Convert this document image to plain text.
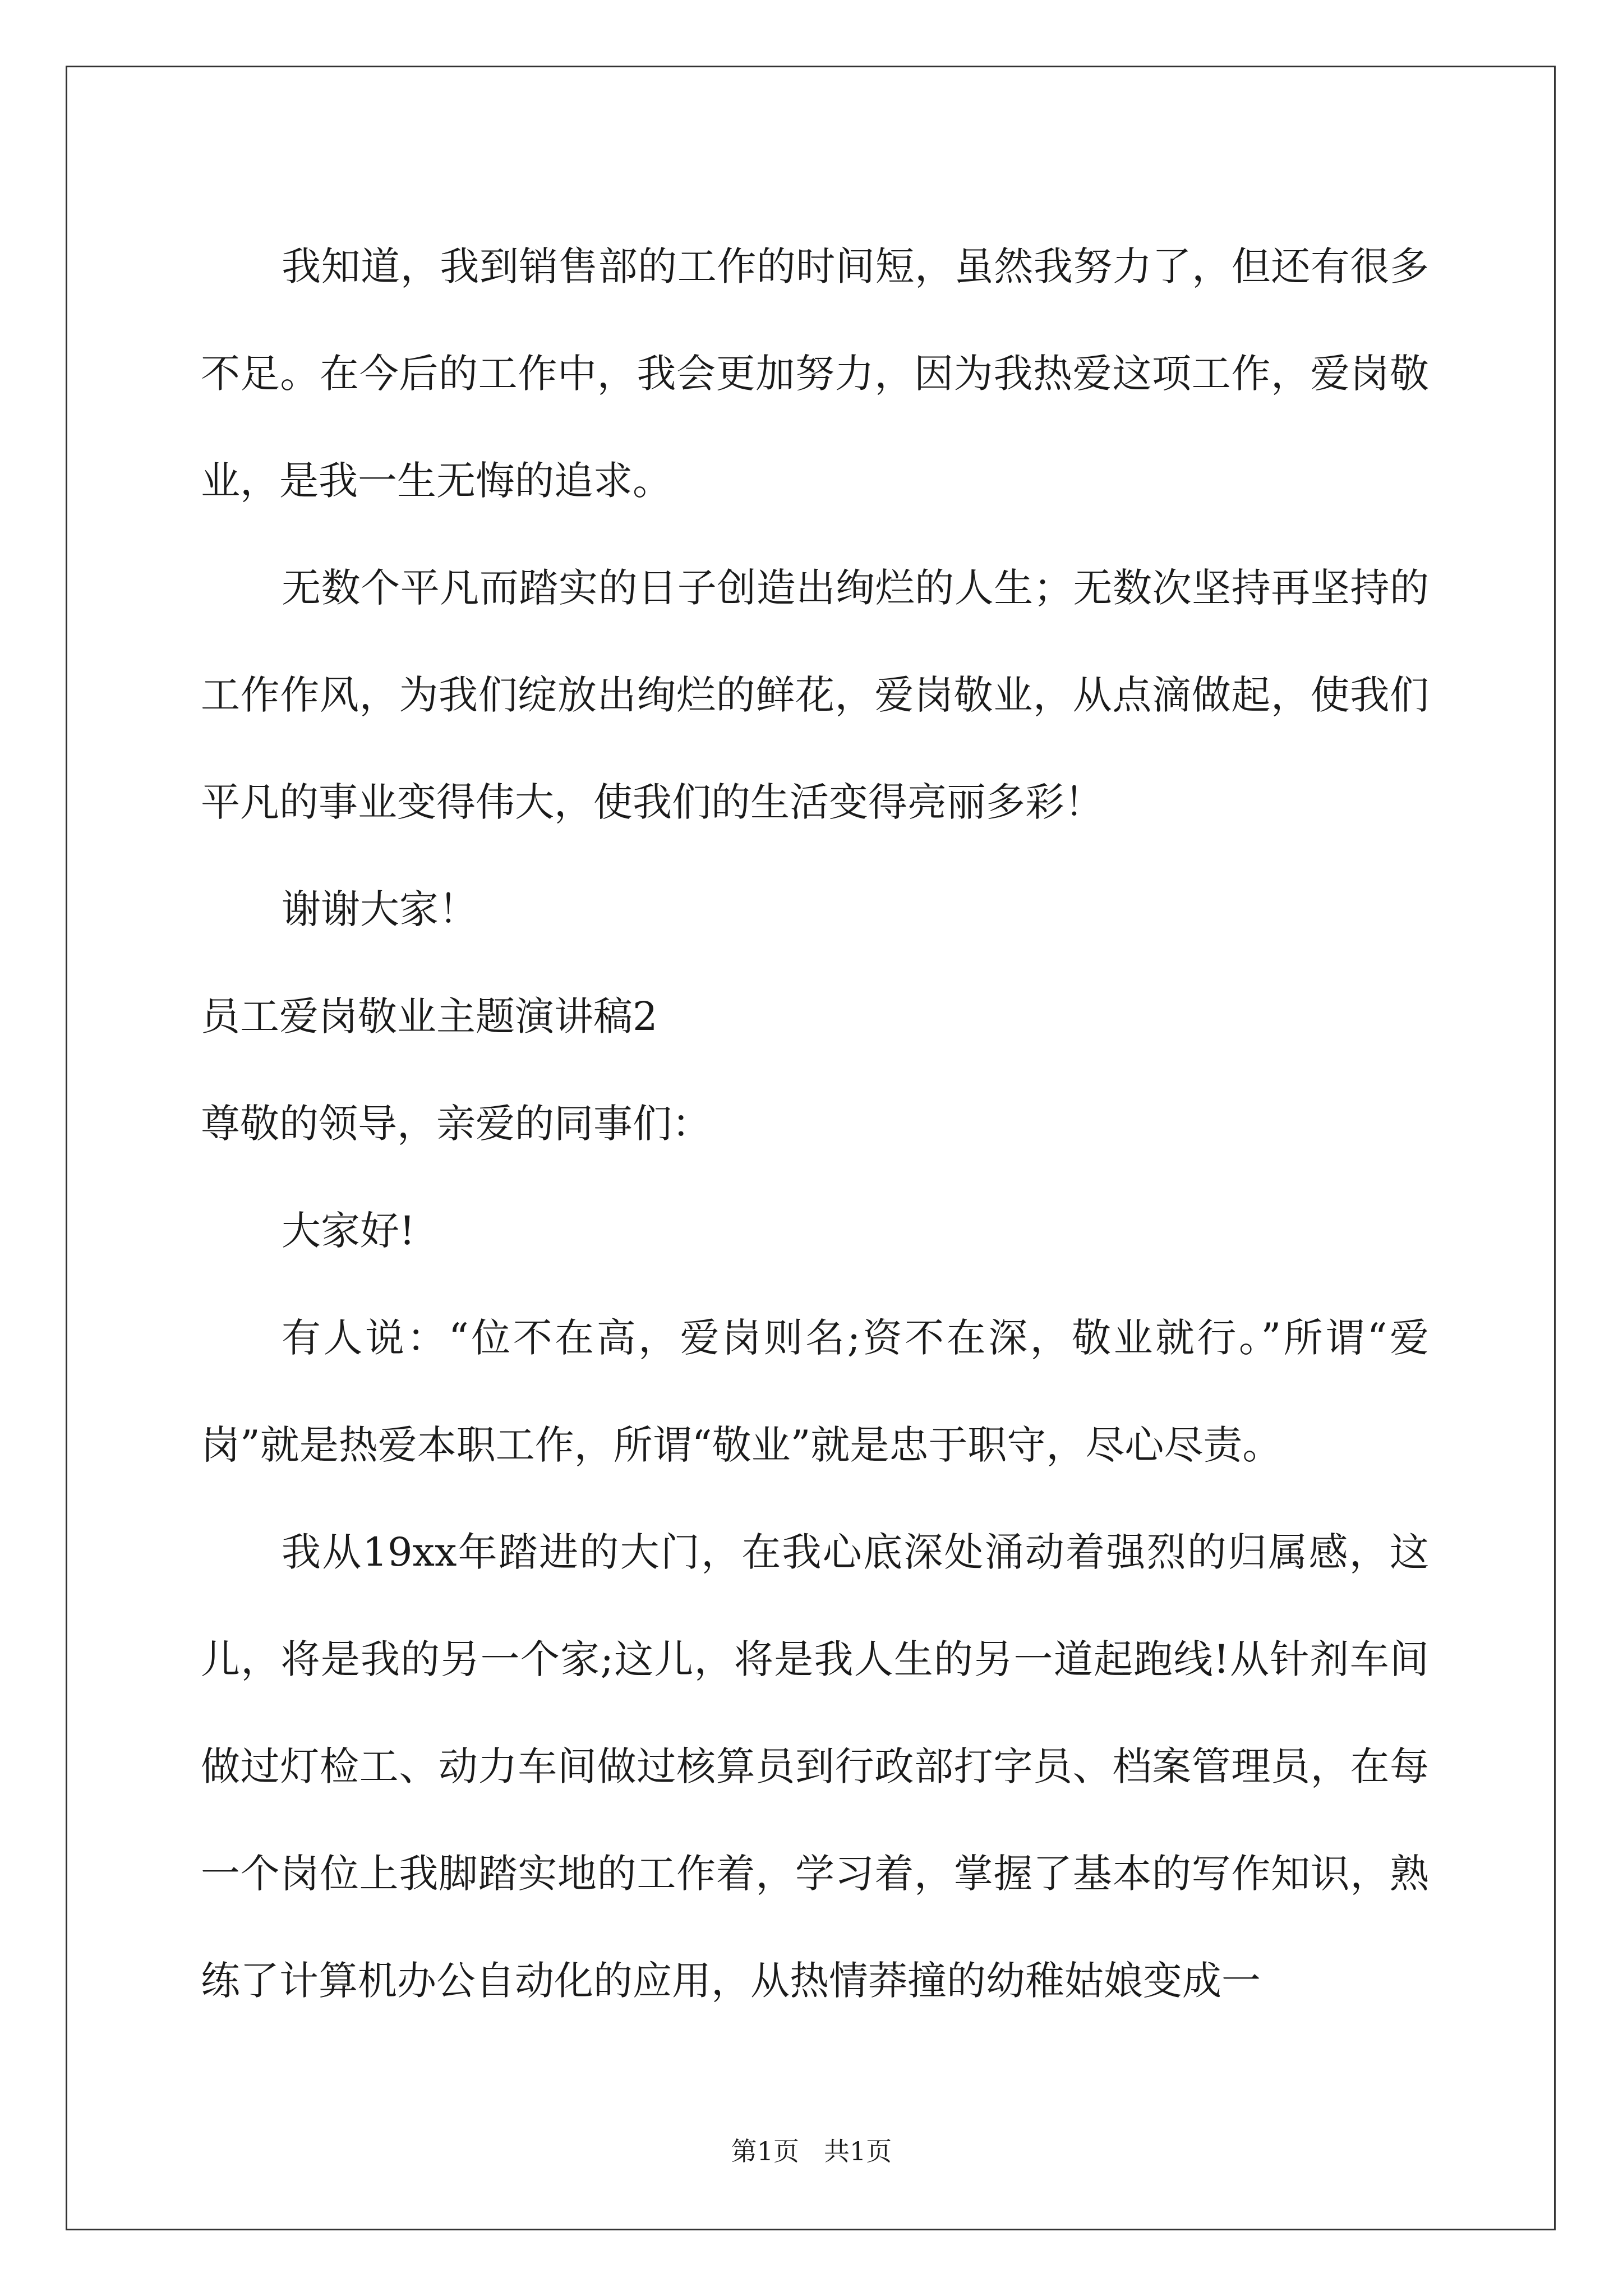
我知道，我到销售部的工作的时间短，虽然我努力了，但还有很多不足。在今后的工作中，我会更加努力，因为我热爱这项工作，爱岗敬业，是我一生无悔的追求。

无数个平凡而踏实的日子创造出绚烂的人生；无数次坚持再坚持的工作作风，为我们绽放出绚烂的鲜花，爱岗敬业，从点滴做起，使我们平凡的事业变得伟大，使我们的生活变得亮丽多彩！

谢谢大家！

员工爱岗敬业主题演讲稿2

尊敬的领导，亲爱的同事们：

大家好!

有人说：“位不在高，爱岗则名;资不在深，敬业就行。”所谓“爱岗”就是热爱本职工作，所谓“敬业”就是忠于职守，尽心尽责。

我从19xx年踏进的大门，在我心底深处涌动着强烈的归属感，这儿，将是我的另一个家;这儿，将是我人生的另一道起跑线!从针剂车间做过灯检工、动力车间做过核算员到行政部打字员、档案管理员，在每一个岗位上我脚踏实地的工作着，学习着，掌握了基本的写作知识，熟练了计算机办公自动化的应用，从热情莽撞的幼稚姑娘变成一

第1页 共1页
